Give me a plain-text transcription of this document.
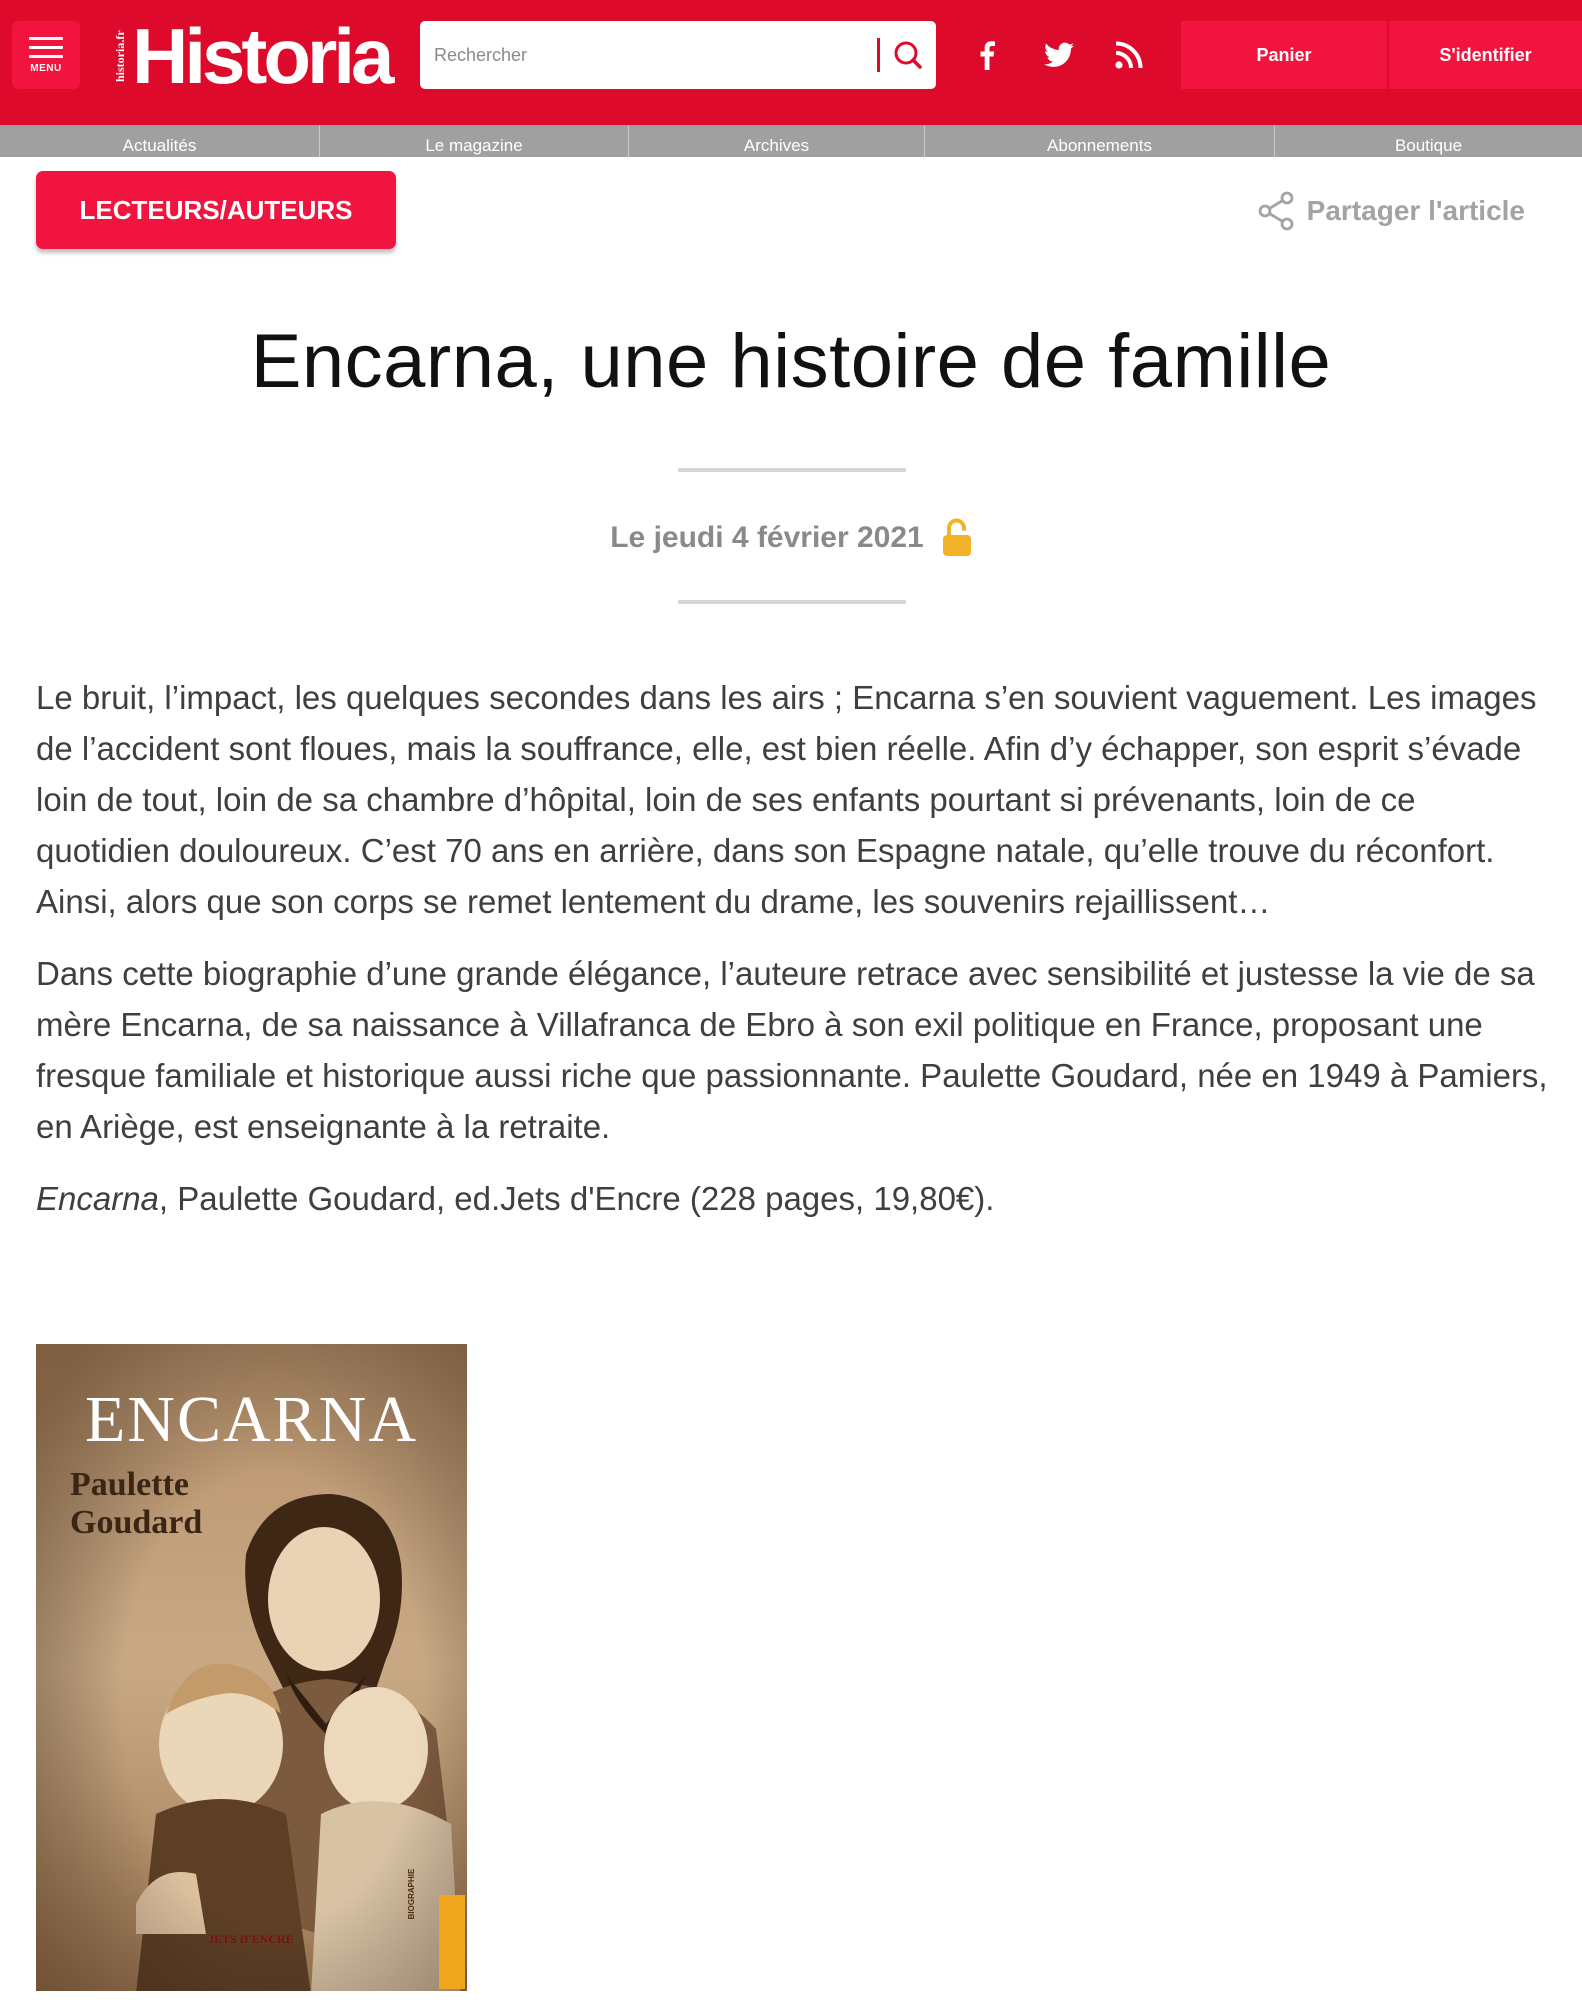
MENU	historia.fr Historia
Rechercher	Panier	S'identifier
Actualités	Le magazine	Archives	Abonnements	Boutique
LECTEURS/AUTEURS	Partager l'article
Encarna, une histoire de famille
Le jeudi 4 février 2021

Le bruit, l’impact, les quelques secondes dans les airs ; Encarna s’en souvient vaguement. Les images de l’accident sont floues, mais la souffrance, elle, est bien réelle. Afin d’y échapper, son esprit s’évade loin de tout, loin de sa chambre d’hôpital, loin de ses enfants pourtant si prévenants, loin de ce quotidien douloureux. C’est 70 ans en arrière, dans son Espagne natale, qu’elle trouve du réconfort. Ainsi, alors que son corps se remet lentement du drame, les souvenirs rejaillissent…

Dans cette biographie d’une grande élégance, l’auteure retrace avec sensibilité et justesse la vie de sa mère Encarna, de sa naissance à Villafranca de Ebro à son exil politique en France, proposant une fresque familiale et historique aussi riche que passionnante. Paulette Goudard, née en 1949 à Pamiers, en Ariège, est enseignante à la retraite.

Encarna, Paulette Goudard, ed.Jets d'Encre (228 pages, 19,80€).

ENCARNA
Paulette
Goudard
JETS D'ENCRE
BIOGRAPHIE
